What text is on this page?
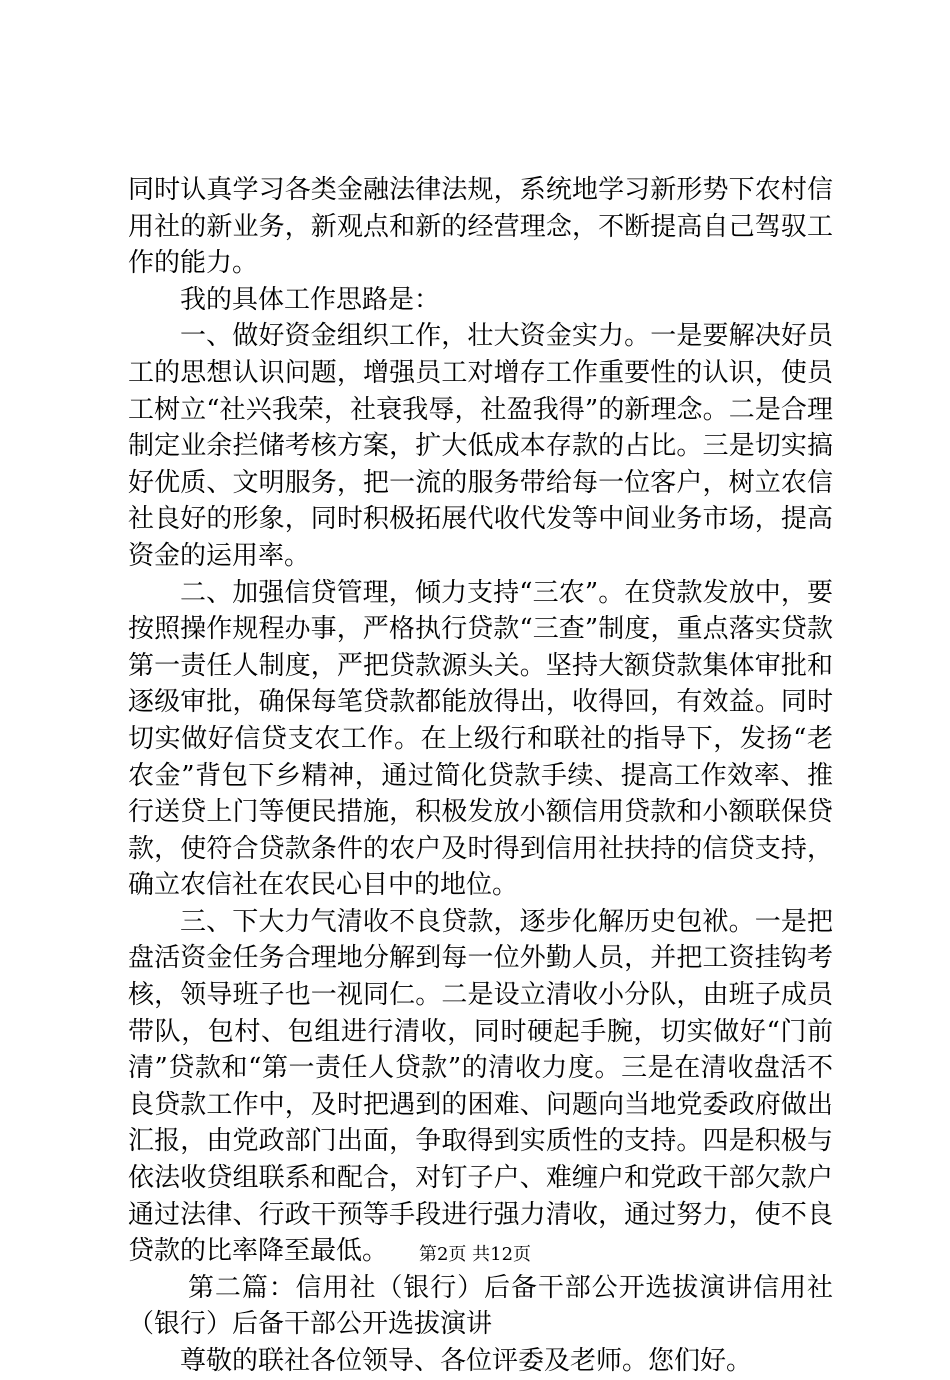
同时认真学习各类金融法律法规，系统地学习新形势下农村信用社的新业务，新观点和新的经营理念，不断提高自己驾驭工作的能力。

我的具体工作思路是：

一、做好资金组织工作，壮大资金实力。一是要解决好员工的思想认识问题，增强员工对增存工作重要性的认识，使员工树立“社兴我荣，社衰我辱，社盈我得”的新理念。二是合理制定业余拦储考核方案，扩大低成本存款的占比。三是切实搞好优质、文明服务，把一流的服务带给每一位客户，树立农信社良好的形象，同时积极拓展代收代发等中间业务市场，提高资金的运用率。

二、加强信贷管理，倾力支持“三农”。在贷款发放中，要按照操作规程办事，严格执行贷款“三查”制度，重点落实贷款第一责任人制度，严把贷款源头关。坚持大额贷款集体审批和逐级审批，确保每笔贷款都能放得出，收得回，有效益。同时切实做好信贷支农工作。在上级行和联社的指导下，发扬“老农金”背包下乡精神，通过简化贷款手续、提高工作效率、推行送贷上门等便民措施，积极发放小额信用贷款和小额联保贷款，使符合贷款条件的农户及时得到信用社扶持的信贷支持，确立农信社在农民心目中的地位。

三、下大力气清收不良贷款，逐步化解历史包袱。一是把盘活资金任务合理地分解到每一位外勤人员，并把工资挂钩考核，领导班子也一视同仁。二是设立清收小分队，由班子成员带队，包村、包组进行清收，同时硬起手腕，切实做好“门前清”贷款和“第一责任人贷款”的清收力度。三是在清收盘活不良贷款工作中，及时把遇到的困难、问题向当地党委政府做出汇报，由党政部门出面，争取得到实质性的支持。四是积极与依法收贷组联系和配合，对钉子户、难缠户和党政干部欠款户通过法律、行政干预等手段进行强力清收，通过努力，使不良贷款的比率降至最低。

第二篇：信用社（银行）后备干部公开选拔演讲信用社（银行）后备干部公开选拔演讲

尊敬的联社各位领导、各位评委及老师。您们好。

第2页 共12页
